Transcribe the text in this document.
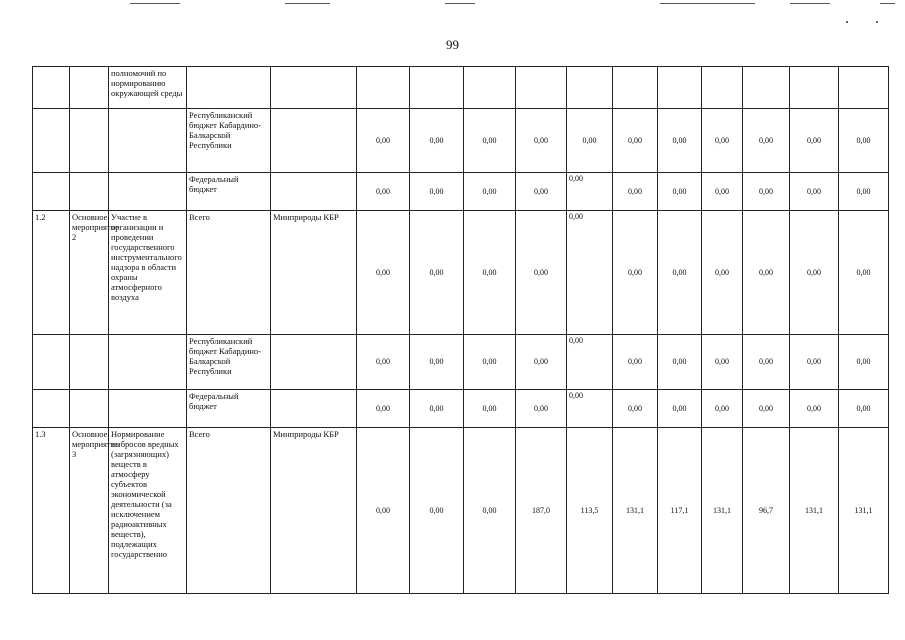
99
		полномочий по нормированию окружающей среды													
			Республиканский бюджет Кабардино-Балкарской Республики		0,00	0,00	0,00	0,00	0,00	0,00	0,00	0,00	0,00	0,00	0,00
			Федеральный бюджет		0,00	0,00	0,00	0,00	0,00	0,00	0,00	0,00	0,00	0,00	0,00
1.2	Основное мероприятие 2	Участие в организации и проведении государственного инструментального надзора в области охраны атмосферного воздуха	Всего	Минприроды КБР	0,00	0,00	0,00	0,00	0,00	0,00	0,00	0,00	0,00	0,00	0,00
			Республиканский бюджет Кабардино-Балкарской Республики		0,00	0,00	0,00	0,00	0,00	0,00	0,00	0,00	0,00	0,00	0,00
			Федеральный бюджет		0,00	0,00	0,00	0,00	0,00	0,00	0,00	0,00	0,00	0,00	0,00
1.3	Основное мероприятие 3	Нормирование выбросов вредных (загрязняющих) веществ в атмосферу субъектов экономической деятельности (за исключением радиоактивных веществ), подлежащих государственно	Всего	Минприроды КБР	0,00	0,00	0,00	187,0	113,5	131,1	117,1	131,1	96,7	131,1	131,1
